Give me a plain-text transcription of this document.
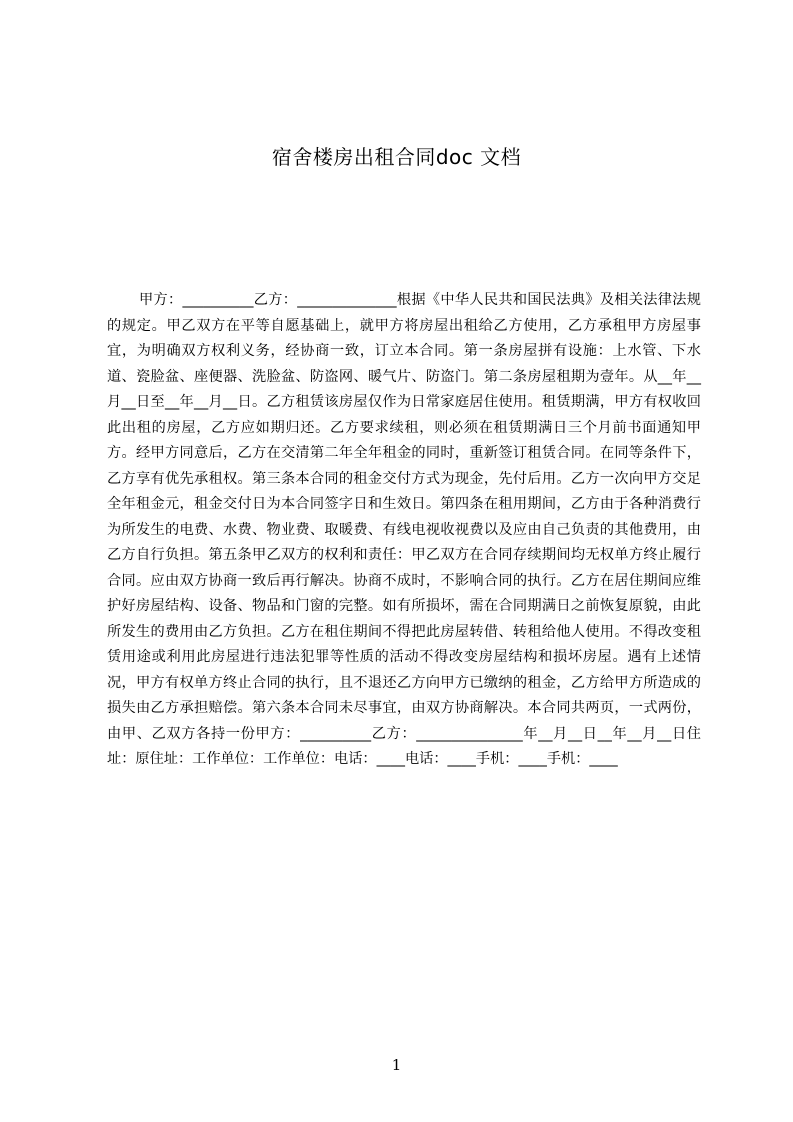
宿舍楼房出租合同doc 文档

甲方：__________乙方：______________根据《中华人民共和国民法典》及相关法律法规的规定。甲乙双方在平等自愿基础上，就甲方将房屋出租给乙方使用，乙方承租甲方房屋事宜，为明确双方权利义务，经协商一致，订立本合同。第一条房屋拼有设施：上水管、下水道、瓷脸盆、座便器、洗脸盆、防盗网、暖气片、防盗门。第二条房屋租期为壹年。从__年__月__日至__年__月__日。乙方租赁该房屋仅作为日常家庭居住使用。租赁期满，甲方有权收回此出租的房屋，乙方应如期归还。乙方要求续租，则必须在租赁期满日三个月前书面通知甲方。经甲方同意后，乙方在交清第二年全年租金的同时，重新签订租赁合同。在同等条件下，乙方享有优先承租权。第三条本合同的租金交付方式为现金，先付后用。乙方一次向甲方交足全年租金元，租金交付日为本合同签字日和生效日。第四条在租用期间，乙方由于各种消费行为所发生的电费、水费、物业费、取暖费、有线电视收视费以及应由自己负责的其他费用，由乙方自行负担。第五条甲乙双方的权利和责任：甲乙双方在合同存续期间均无权单方终止履行合同。应由双方协商一致后再行解决。协商不成时，不影响合同的执行。乙方在居住期间应维护好房屋结构、设备、物品和门窗的完整。如有所损坏，需在合同期满日之前恢复原貌，由此所发生的费用由乙方负担。乙方在租住期间不得把此房屋转借、转租给他人使用。不得改变租赁用途或利用此房屋进行违法犯罪等性质的活动不得改变房屋结构和损坏房屋。遇有上述情况，甲方有权单方终止合同的执行，且不退还乙方向甲方已缴纳的租金，乙方给甲方所造成的损失由乙方承担赔偿。第六条本合同未尽事宜，由双方协商解决。本合同共两页，一式两份，由甲、乙双方各持一份甲方：__________乙方：_______________年__月__日__年__月__日住址：原住址：工作单位：工作单位：电话：____电话：____手机：____手机：____

1
